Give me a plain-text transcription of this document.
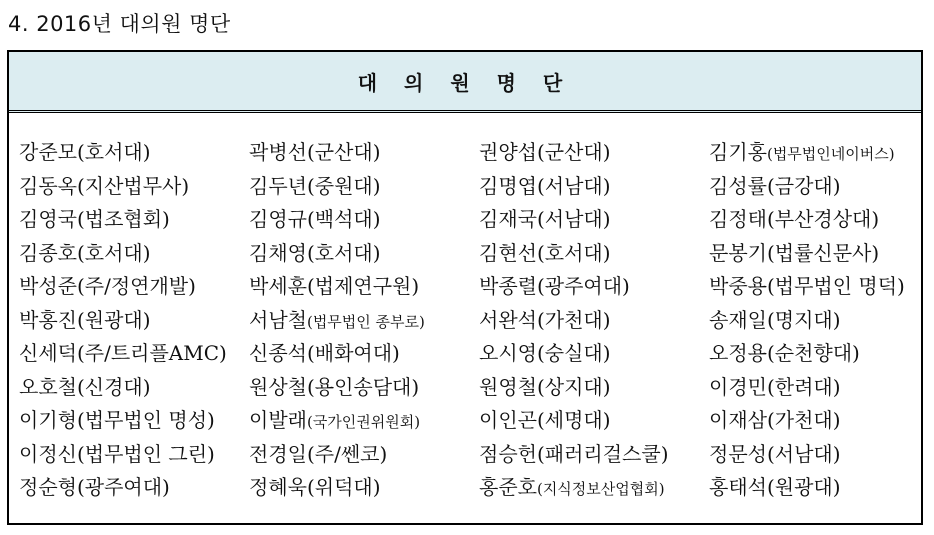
4. 2016년 대의원 명단
대 의 원 명 단
강준모(호서대)	곽병선(군산대)	권양섭(군산대)	김기홍(법무법인네이버스)
김동옥(지산법무사)	김두년(중원대)	김명엽(서남대)	김성률(금강대)
김영국(법조협회)	김영규(백석대)	김재국(서남대)	김정태(부산경상대)
김종호(호서대)	김채영(호서대)	김현선(호서대)	문봉기(법률신문사)
박성준(주/정연개발)	박세훈(법제연구원)	박종렬(광주여대)	박중용(법무법인 명덕)
박홍진(원광대)	서남철(법무법인 종부로)	서완석(가천대)	송재일(명지대)
신세덕(주/트리플AMC)	신종석(배화여대)	오시영(숭실대)	오정용(순천향대)
오호철(신경대)	원상철(용인송담대)	원영철(상지대)	이경민(한려대)
이기형(법무법인 명성)	이발래(국가인권위원회)	이인곤(세명대)	이재삼(가천대)
이정신(법무법인 그린)	전경일(주/쎈코)	점승헌(패러리걸스쿨)	정문성(서남대)
정순형(광주여대)	정혜욱(위덕대)	홍준호(지식정보산업협회)	홍태석(원광대)
